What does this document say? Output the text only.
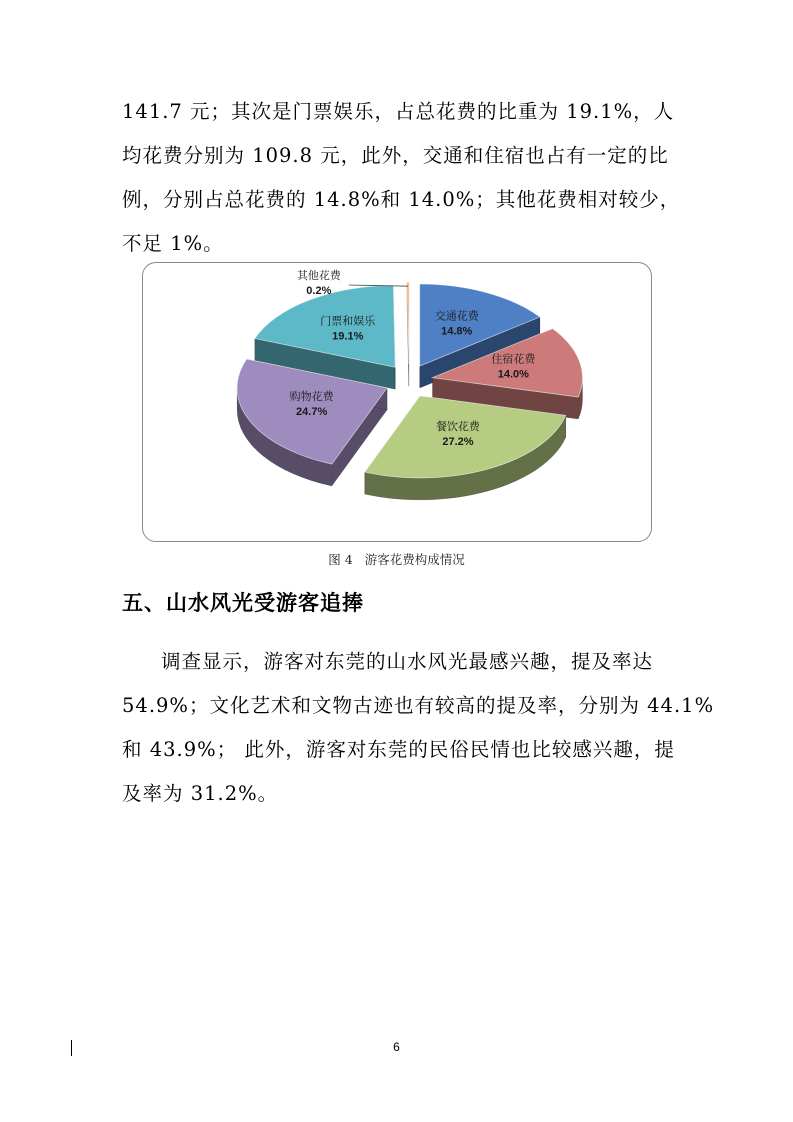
141.7 元；其次是门票娱乐，占总花费的比重为 19.1%，人
均花费分别为 109.8 元，此外，交通和住宿也占有一定的比
例，分别占总花费的 14.8%和 14.0%；其他花费相对较少，
不足 1%。
交通花费
14.8%
住宿花费
14.0%
餐饮花费
27.2%
购物花费
24.7%
门票和娱乐
19.1%
其他花费
0.2%
图 4 游客花费构成情况
五、山水风光受游客追捧
调查显示，游客对东莞的山水风光最感兴趣，提及率达
54.9%；文化艺术和文物古迹也有较高的提及率，分别为 44.1%
和 43.9%； 此外，游客对东莞的民俗民情也比较感兴趣，提
及率为 31.2%。
6
